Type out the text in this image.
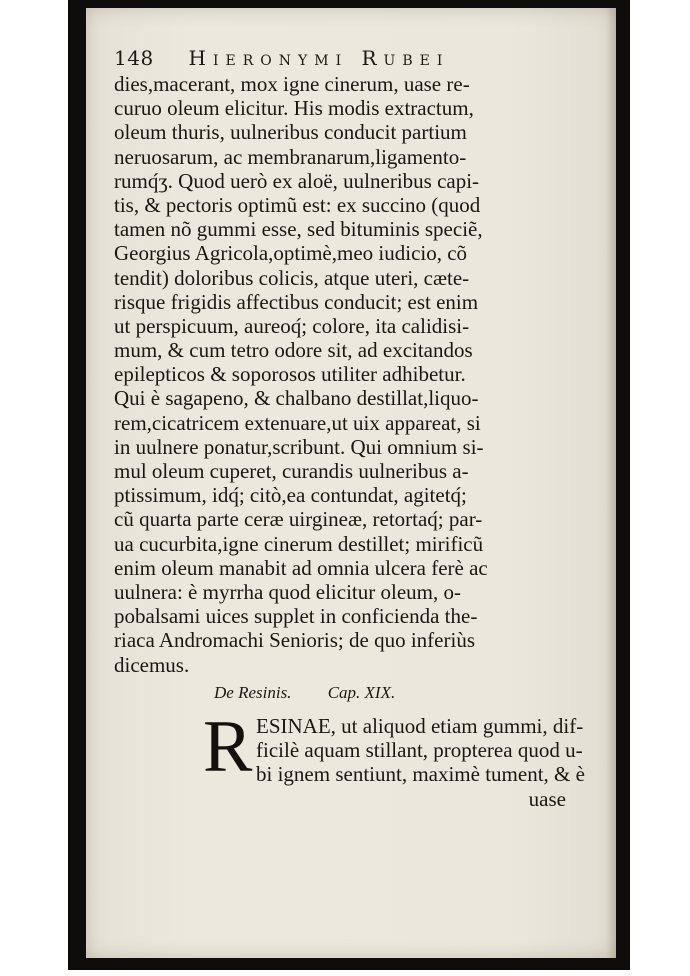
148 Hieronymi Rubei
dies,macerant, mox igne cinerum, uase re-
curuo oleum elicitur. His modis extractum,
oleum thuris, uulneribus conducit partium
neruosarum, ac membranarum,ligamento-
rumq́ʒ. Quod uerò ex aloë, uulneribus capi-
tis, & pectoris optimũ est: ex succino (quod
tamen nõ gummi esse, sed bituminis speciẽ,
Georgius Agricola,optimè,meo iudicio, cõ
tendit) doloribus colicis, atque uteri, cæte-
risque frigidis affectibus conducit; est enim
ut perspicuum, aureoq́; colore, ita calidisi-
mum, & cum tetro odore sit, ad excitandos
epilepticos & soporosos utiliter adhibetur.
Qui è sagapeno, & chalbano destillat,liquo-
rem,cicatricem extenuare,ut uix appareat, si
in uulnere ponatur,scribunt. Qui omnium si-
mul oleum cuperet, curandis uulneribus a-
ptissimum, idq́; citò,ea contundat, agitetq́;
cũ quarta parte ceræ uirgineæ, retortaq́; par-
ua cucurbita,igne cinerum destillet; mirificũ
enim oleum manabit ad omnia ulcera ferè ac
uulnera: è myrrha quod elicitur oleum, o-
pobalsami uices supplet in conficienda the-
riaca Andromachi Senioris; de quo inferiùs
dicemus.
De Resinis. Cap. XIX.
R ESINAE, ut aliquod etiam gummi, dif-
ficilè aquam stillant, propterea quod u-
bi ignem sentiunt, maximè tument, & è
uase
